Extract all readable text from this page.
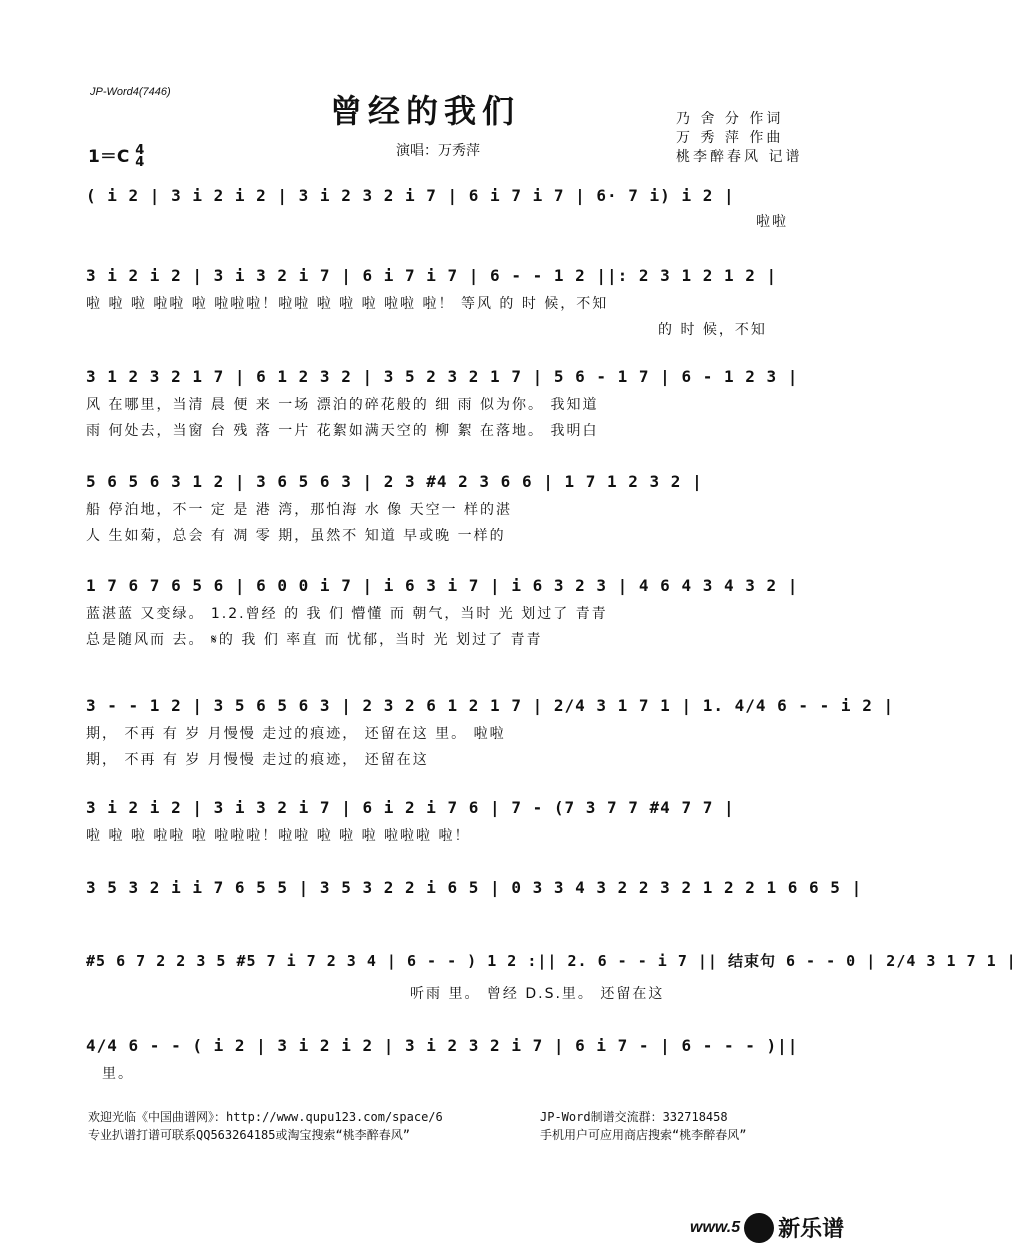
JP-Word4(7446)	曾经的我们
1＝C 4
4
演唱：万秀萍
乃 舍 分 作词
万 秀 萍 作曲
桃李醉春风 记谱
( i 2 | 3 i 2 i 2 | 3 i 2 3 2 i 7 | 6 i 7 i 7 | 6· 7 i) i 2 |
啦啦
3 i 2 i 2 | 3 i 3 2 i 7 | 6 i 7 i 7 | 6 - - 1 2 ||: 2 3 1 2 1 2 |
啦 啦 啦 啦啦 啦 啦啦啦！啦啦 啦 啦 啦 啦啦 啦！ 等风 的 时 候，不知
的 时 候，不知
3 1 2 3 2 1 7 | 6 1 2 3 2 | 3 5 2 3 2 1 7 | 5 6 - 1 7 | 6 - 1 2 3 |
风 在哪里，当清 晨 便 来 一场 漂泊的碎花般的 细 雨 似为你。 我知道
雨 何处去，当窗 台 残 落 一片 花絮如满天空的 柳 絮 在落地。 我明白
5 6 5 6 3 1 2 | 3 6 5 6 3 | 2 3 #4 2 3 6 6 | 1 7 1 2 3 2 |
船 停泊地，不一 定 是 港 湾，那怕海 水 像 天空一 样的湛
人 生如菊，总会 有 凋 零 期，虽然不 知道 早或晚 一样的
1 7 6 7 6 5 6 | 6 0 0 i 7 | i 6 3 i 7 | i 6 3 2 3 | 4 6 4 3 4 3 2 |
蓝湛蓝 又变绿。 1.2.曾经 的 我 们 懵懂 而 朝气，当时 光 划过了 青青
总是随风而 去。 𝄋的 我 们 率直 而 忧郁，当时 光 划过了 青青
3 - - 1 2 | 3 5 6 5 6 3 | 2 3 2 6 1 2 1 7 | 2/4 3 1 7 1 | 1. 4/4 6 - - i 2 |
期， 不再 有 岁 月慢慢 走过的痕迹， 还留在这 里。 啦啦
期， 不再 有 岁 月慢慢 走过的痕迹， 还留在这
3 i 2 i 2 | 3 i 3 2 i 7 | 6 i 2 i 7 6 | 7 - (7 3 7 7 #4 7 7 |
啦 啦 啦 啦啦 啦 啦啦啦！啦啦 啦 啦 啦 啦啦啦 啦！
3 5 3 2 i i 7 6 5 5 | 3 5 3 2 2 i 6 5 | 0 3 3 4 3 2 2 3 2 1 2 2 1 6 6 5 |
#5 6 7 2 2 3 5 #5 7 i 7 2 3 4 | 6 - - ) 1 2 :|| 2. 6 - - i 7 || 结束句 6 - - 0 | 2/4 3 1 7 1 |
听雨 里。 曾经 D.S.里。 还留在这
4/4 6 - - ( i 2 | 3 i 2 i 2 | 3 i 2 3 2 i 7 | 6 i 7 - | 6 - - - )||
里。
欢迎光临《中国曲谱网》：http://www.qupu123.com/space/6
专业扒谱打谱可联系QQ563264185或淘宝搜索“桃李醉春风”
JP-Word制谱交流群：332718458
手机用户可应用商店搜索“桃李醉春风”
www.5 新乐谱
